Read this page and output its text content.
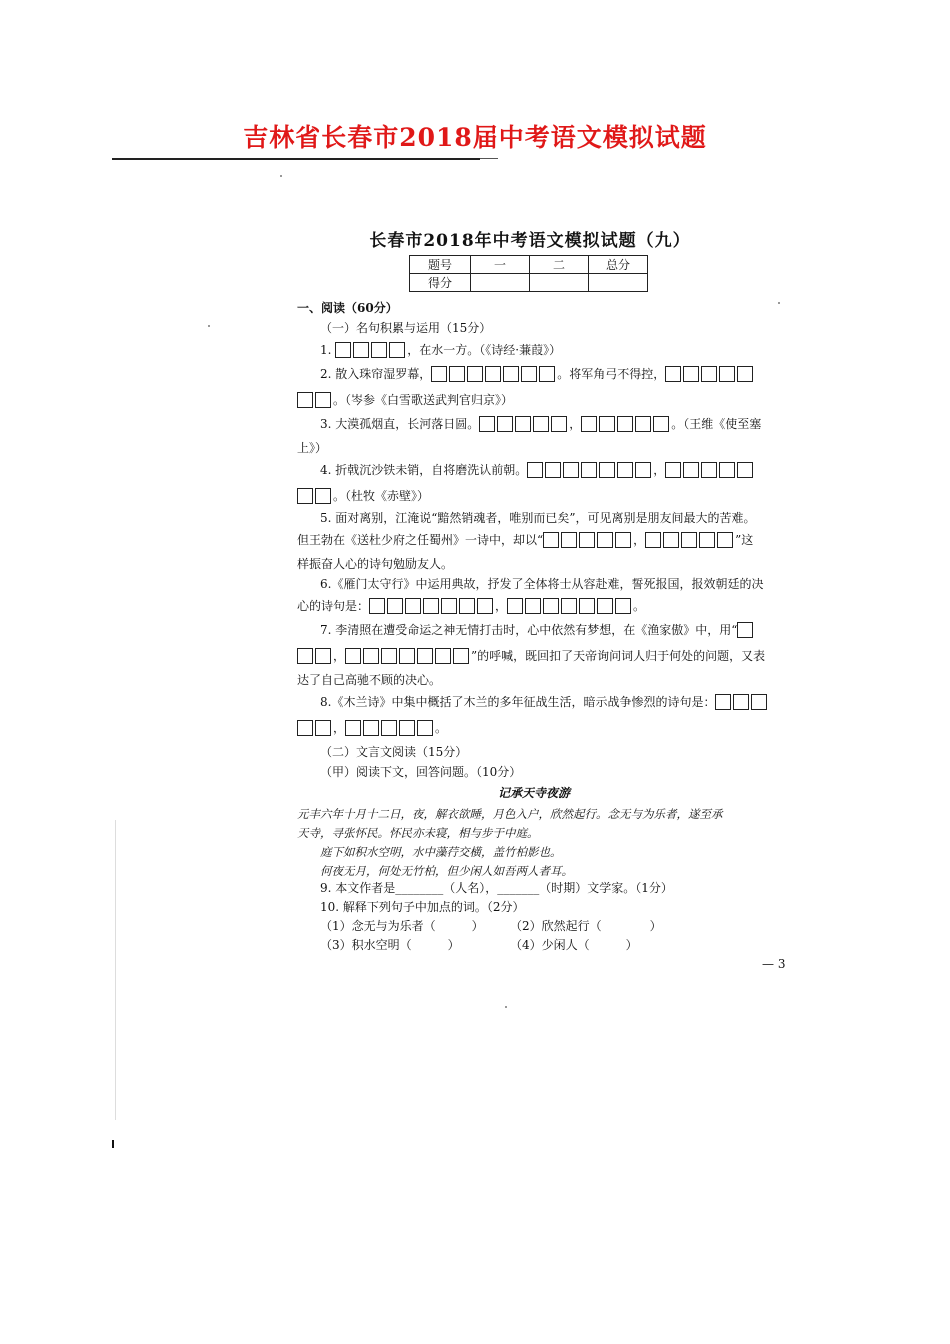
吉林省长春市2018届中考语文模拟试题
长春市2018年中考语文模拟试题（九）
题号	一	二	总分
得分			
一、阅读（60分）
（一）名句积累与运用（15分）
1.	，在水一方。（《诗经·蒹葭》）
2. 散入珠帘湿罗幕，	。将军角弓不得控，
。（岑参《白雪歌送武判官归京》）
3. 大漠孤烟直，长河落日圆。	，	。（王维《使至塞
上》）
4. 折戟沉沙铁未销，自将磨洗认前朝。	，
。（杜牧《赤壁》）
5. 面对离别，江淹说“黯然销魂者，唯别而已矣”，可见离别是朋友间最大的苦难。
但王勃在《送杜少府之任蜀州》一诗中，却以“	，	”这
样振奋人心的诗句勉励友人。
6.《雁门太守行》中运用典故，抒发了全体将士从容赴难，誓死报国，报效朝廷的决
心的诗句是：	，	。
7. 李清照在遭受命运之神无情打击时，心中依然有梦想，在《渔家傲》中，用“
，	”的呼喊，既回扣了天帝询问词人归于何处的问题，又表
达了自己高驰不顾的决心。
8.《木兰诗》中集中概括了木兰的多年征战生活，暗示战争惨烈的诗句是：
，	。
（二）文言文阅读（15分）
（甲）阅读下文，回答问题。（10分）
记承天寺夜游
元丰六年十月十二日，夜，解衣欲睡，月色入户，欣然起行。念无与为乐者，遂至承
天寺，寻张怀民。怀民亦未寝，相与步于中庭。
庭下如积水空明，水中藻荇交横，盖竹柏影也。
何夜无月，何处无竹柏，但少闲人如吾两人者耳。
9. 本文作者是________（人名），_______（时期）文学家。（1分）
10. 解释下列句子中加点的词。（2分）
（1）念无与为乐者（　　　） （2）欣然起行（　　　　）
（3）积水空明（　　　）	（4）少闲人（　　　）
— 3
